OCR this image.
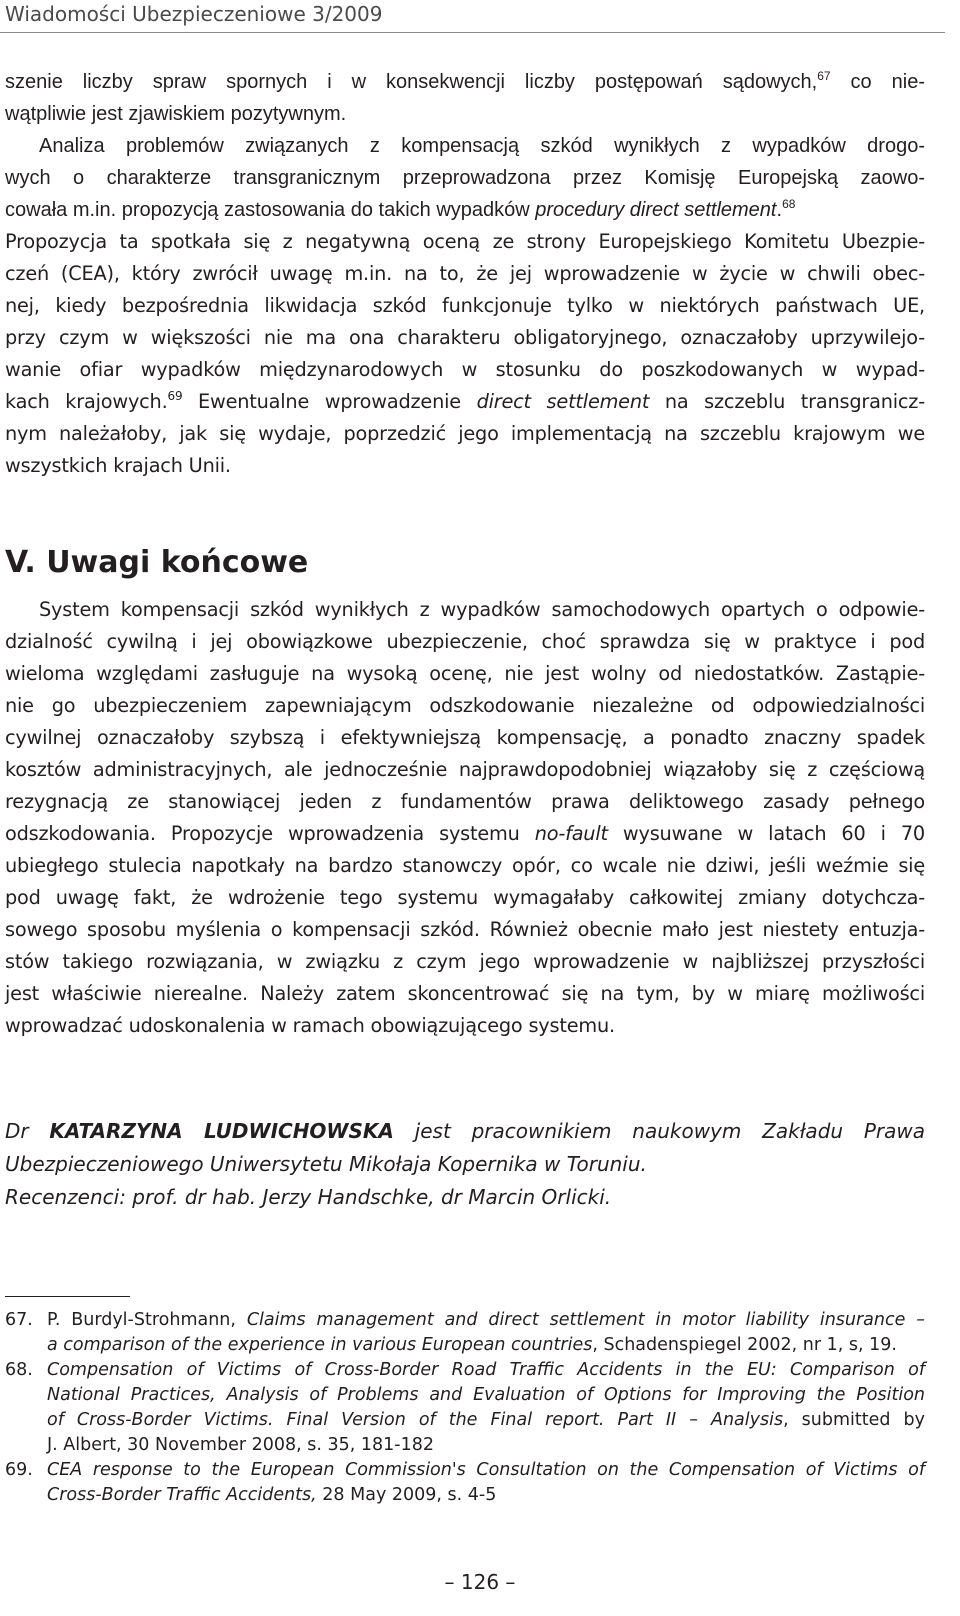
Wiadomości Ubezpieczeniowe 3/2009

szenie liczby spraw spornych i w konsekwencji liczby postępowań sądowych,$^{67}$ co nie-
wątpliwie jest zjawiskiem pozytywnym.

Analiza problemów związanych z kompensacją szkód wynikłych z wypadków drogo-
wych o charakterze transgranicznym przeprowadzona przez Komisję Europejską zaowo-
cowała m.in. propozycją zastosowania do takich wypadków procedury direct settlement.$^{68}$
Propozycja ta spotkała się z negatywną oceną ze strony Europejskiego Komitetu Ubezpie-
czeń (CEA), który zwrócił uwagę m.in. na to, że jej wprowadzenie w życie w chwili obec-
nej, kiedy bezpośrednia likwidacja szkód funkcjonuje tylko w niektórych państwach UE,
przy czym w większości nie ma ona charakteru obligatoryjnego, oznaczałoby uprzywilejo-
wanie ofiar wypadków międzynarodowych w stosunku do poszkodowanych w wypad-
kach krajowych.$^{69}$ Ewentualne wprowadzenie direct settlement na szczeblu transgranicz-
nym należałoby, jak się wydaje, poprzedzić jego implementacją na szczeblu krajowym we
wszystkich krajach Unii.
V. Uwagi końcowe
System kompensacji szkód wynikłych z wypadków samochodowych opartych o odpowie-
dzialność cywilną i jej obowiązkowe ubezpieczenie, choć sprawdza się w praktyce i pod
wieloma względami zasługuje na wysoką ocenę, nie jest wolny od niedostatków. Zastąpie-
nie go ubezpieczeniem zapewniającym odszkodowanie niezależne od odpowiedzialności
cywilnej oznaczałoby szybszą i efektywniejszą kompensację, a ponadto znaczny spadek
kosztów administracyjnych, ale jednocześnie najprawdopodobniej wiązałoby się z częściową
rezygnacją ze stanowiącej jeden z fundamentów prawa deliktowego zasady pełnego
odszkodowania. Propozycje wprowadzenia systemu no-fault wysuwane w latach 60 i 70
ubiegłego stulecia napotkały na bardzo stanowczy opór, co wcale nie dziwi, jeśli weźmie się
pod uwagę fakt, że wdrożenie tego systemu wymagałaby całkowitej zmiany dotychcza-
sowego sposobu myślenia o kompensacji szkód. Również obecnie mało jest niestety entuzja-
stów takiego rozwiązania, w związku z czym jego wprowadzenie w najbliższej przyszłości
jest właściwie nierealne. Należy zatem skoncentrować się na tym, by w miarę możliwości
wprowadzać udoskonalenia w ramach obowiązującego systemu.
Dr KATARZYNA LUDWICHOWSKA jest pracownikiem naukowym Zakładu Prawa
Ubezpieczeniowego Uniwersytetu Mikołaja Kopernika w Toruniu.
Recenzenci: prof. dr hab. Jerzy Handschke, dr Marcin Orlicki.
67. P. Burdyl-Strohmann, Claims management and direct settlement in motor liability insurance –
a comparison of the experience in various European countries, Schadenspiegel 2002, nr 1, s, 19.
68. Compensation of Victims of Cross-Border Road Traffic Accidents in the EU: Comparison of
National Practices, Analysis of Problems and Evaluation of Options for Improving the Position
of Cross-Border Victims. Final Version of the Final report. Part II – Analysis, submitted by
J. Albert, 30 November 2008, s. 35, 181-182
69. CEA response to the European Commission's Consultation on the Compensation of Victims of
Cross-Border Traffic Accidents, 28 May 2009, s. 4-5
– 126 –
